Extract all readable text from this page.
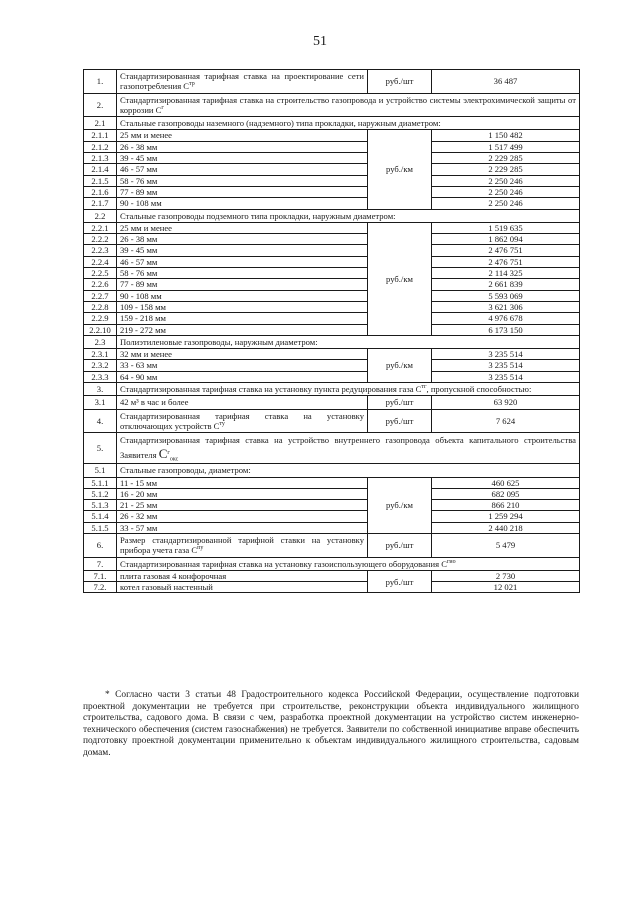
51
1.	Стандартизированная тарифная ставка на проектирование сети газопотребления $С^{тр}$	руб./шт	36 487
2.	Стандартизированная тарифная ставка на строительство газопровода и устройство системы электрохимической защиты от коррозии $С^г$
2.1	Стальные газопроводы наземного (надземного) типа прокладки, наружным диаметром:		
2.1.1	25 мм и менее	руб./км	1 150 482
2.1.2	26 - 38 мм		1 517 499
2.1.3	39 - 45 мм		2 229 285
2.1.4	46 - 57 мм		2 229 285
2.1.5	58 - 76 мм		2 250 246
2.1.6	77 - 89 мм		2 250 246
2.1.7	90 - 108 мм		2 250 246
2.2	Стальные газопроводы подземного типа прокладки, наружным диаметром:		
2.2.1	25 мм и менее	руб./км	1 519 635
2.2.2	26 - 38 мм		1 862 094
2.2.3	39 - 45 мм		2 476 751
2.2.4	46 - 57 мм		2 476 751
2.2.5	58 - 76 мм		2 114 325
2.2.6	77 - 89 мм		2 661 839
2.2.7	90 - 108 мм		5 593 069
2.2.8	109 - 158 мм		3 621 306
2.2.9	159 - 218 мм		4 976 678
2.2.10	219 - 272 мм		6 173 150
2.3	Полиэтиленовые газопроводы, наружным диаметром:		
2.3.1	32 мм и менее	руб./км	3 235 514
2.3.2	33 - 63 мм		3 235 514
2.3.3	64 - 90 мм		3 235 514
3.	Стандартизированная тарифная ставка на установку пункта редуцирования газа $С^{тг}$, пропускной способностью:		
3.1	42 м³ в час и более	руб./шт	63 920
4.	Стандартизированная тарифная ставка на установку отключающих устройств $С^{ту}$	руб./шт	7 624
5.	Стандартизированная тарифная ставка на устройство внутреннего газопровода объекта капитального строительства Заявителя $С^г_{окс}$
5.1	Стальные газопроводы, диаметром:		
5.1.1	11 - 15 мм	руб./км	460 625
5.1.2	16 - 20 мм		682 095
5.1.3	21 - 25 мм		866 210
5.1.4	26 - 32 мм		1 259 294
5.1.5	33 - 57 мм		2 440 218
6.	Размер стандартизированной тарифной ставки на установку прибора учета газа $С^{пу}$	руб./шт	5 479
7.	Стандартизированная тарифная ставка на установку газоиспользующего оборудования $С^{гио}$
7.1.	плита газовая 4 конфорочная	руб./шт	2 730
7.2.	котел газовый настенный		12 021
* Согласно части 3 статьи 48 Градостроительного кодекса Российской Федерации, осуществление подготовки проектной документации не требуется при строительстве, реконструкции объекта индивидуального жилищного строительства, садового дома. В связи с чем, разработка проектной документации на устройство систем инженерно-технического обеспечения (систем газоснабжения) не требуется. Заявители по собственной инициативе вправе обеспечить подготовку проектной документации применительно к объектам индивидуального жилищного строительства, садовым домам.
